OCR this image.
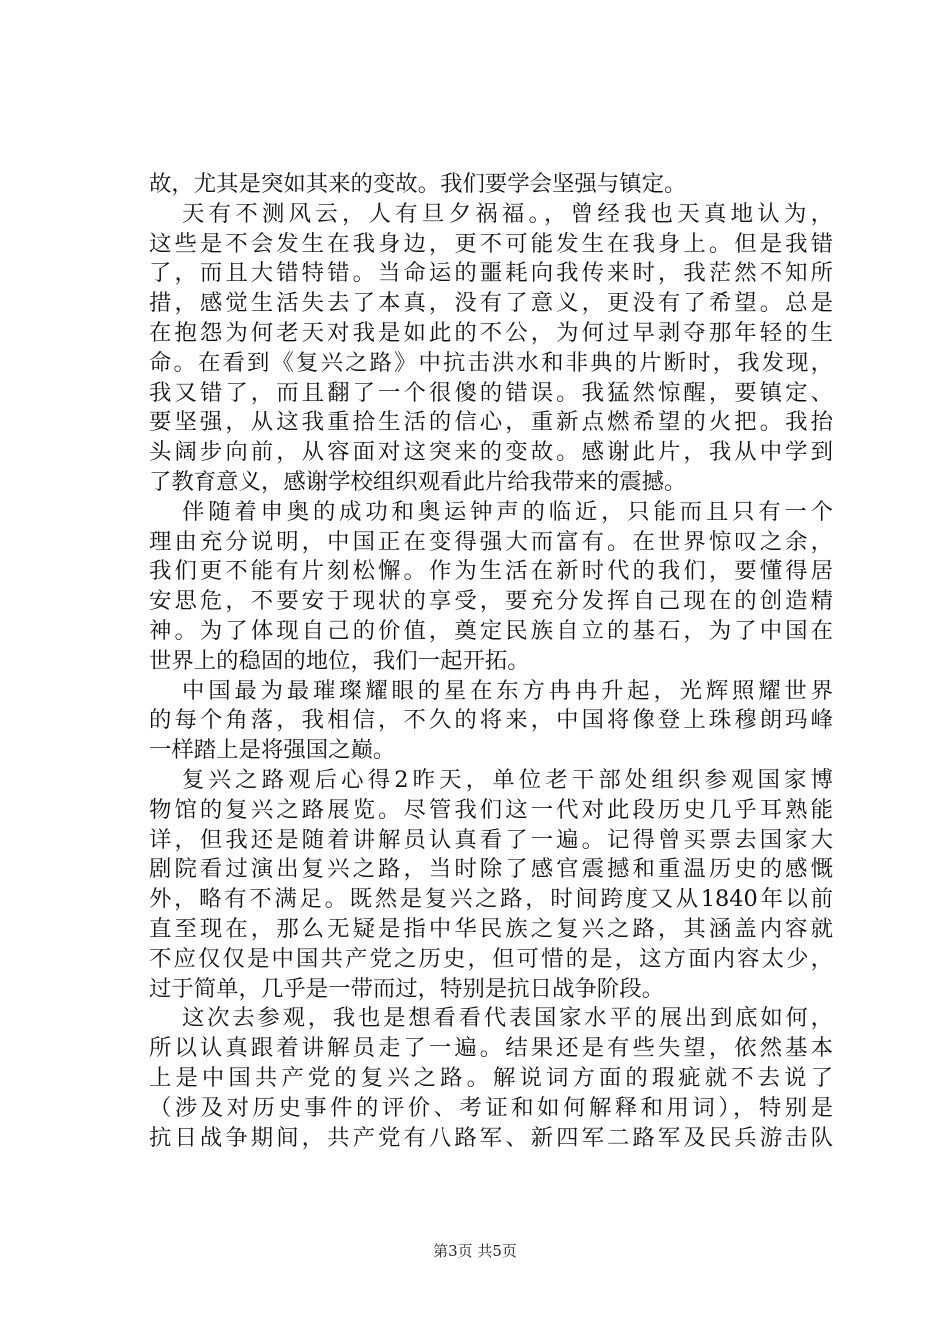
故，尤其是突如其来的变故。我们要学会坚强与镇定。
天有不测风云，人有旦夕祸福。，曾经我也天真地认为，
这些是不会发生在我身边，更不可能发生在我身上。但是我错
了，而且大错特错。当命运的噩耗向我传来时，我茫然不知所
措，感觉生活失去了本真，没有了意义，更没有了希望。总是
在抱怨为何老天对我是如此的不公，为何过早剥夺那年轻的生
命。在看到《复兴之路》中抗击洪水和非典的片断时，我发现，
我又错了，而且翻了一个很傻的错误。我猛然惊醒，要镇定、
要坚强，从这我重拾生活的信心，重新点燃希望的火把。我抬
头阔步向前，从容面对这突来的变故。感谢此片，我从中学到
了教育意义，感谢学校组织观看此片给我带来的震撼。
伴随着申奥的成功和奥运钟声的临近，只能而且只有一个
理由充分说明，中国正在变得强大而富有。在世界惊叹之余，
我们更不能有片刻松懈。作为生活在新时代的我们，要懂得居
安思危，不要安于现状的享受，要充分发挥自己现在的创造精
神。为了体现自己的价值，奠定民族自立的基石，为了中国在
世界上的稳固的地位，我们一起开拓。
中国最为最璀璨耀眼的星在东方冉冉升起，光辉照耀世界
的每个角落，我相信，不久的将来，中国将像登上珠穆朗玛峰
一样踏上是将强国之巅。
复兴之路观后心得2昨天，单位老干部处组织参观国家博
物馆的复兴之路展览。尽管我们这一代对此段历史几乎耳熟能
详，但我还是随着讲解员认真看了一遍。记得曾买票去国家大
剧院看过演出复兴之路，当时除了感官震撼和重温历史的感慨
外，略有不满足。既然是复兴之路，时间跨度又从1840年以前
直至现在，那么无疑是指中华民族之复兴之路，其涵盖内容就
不应仅仅是中国共产党之历史，但可惜的是，这方面内容太少，
过于简单，几乎是一带而过，特别是抗日战争阶段。
这次去参观，我也是想看看代表国家水平的展出到底如何，
所以认真跟着讲解员走了一遍。结果还是有些失望，依然基本
上是中国共产党的复兴之路。解说词方面的瑕疵就不去说了
（涉及对历史事件的评价、考证和如何解释和用词），特别是
抗日战争期间，共产党有八路军、新四军二路军及民兵游击队
第3页 共5页
